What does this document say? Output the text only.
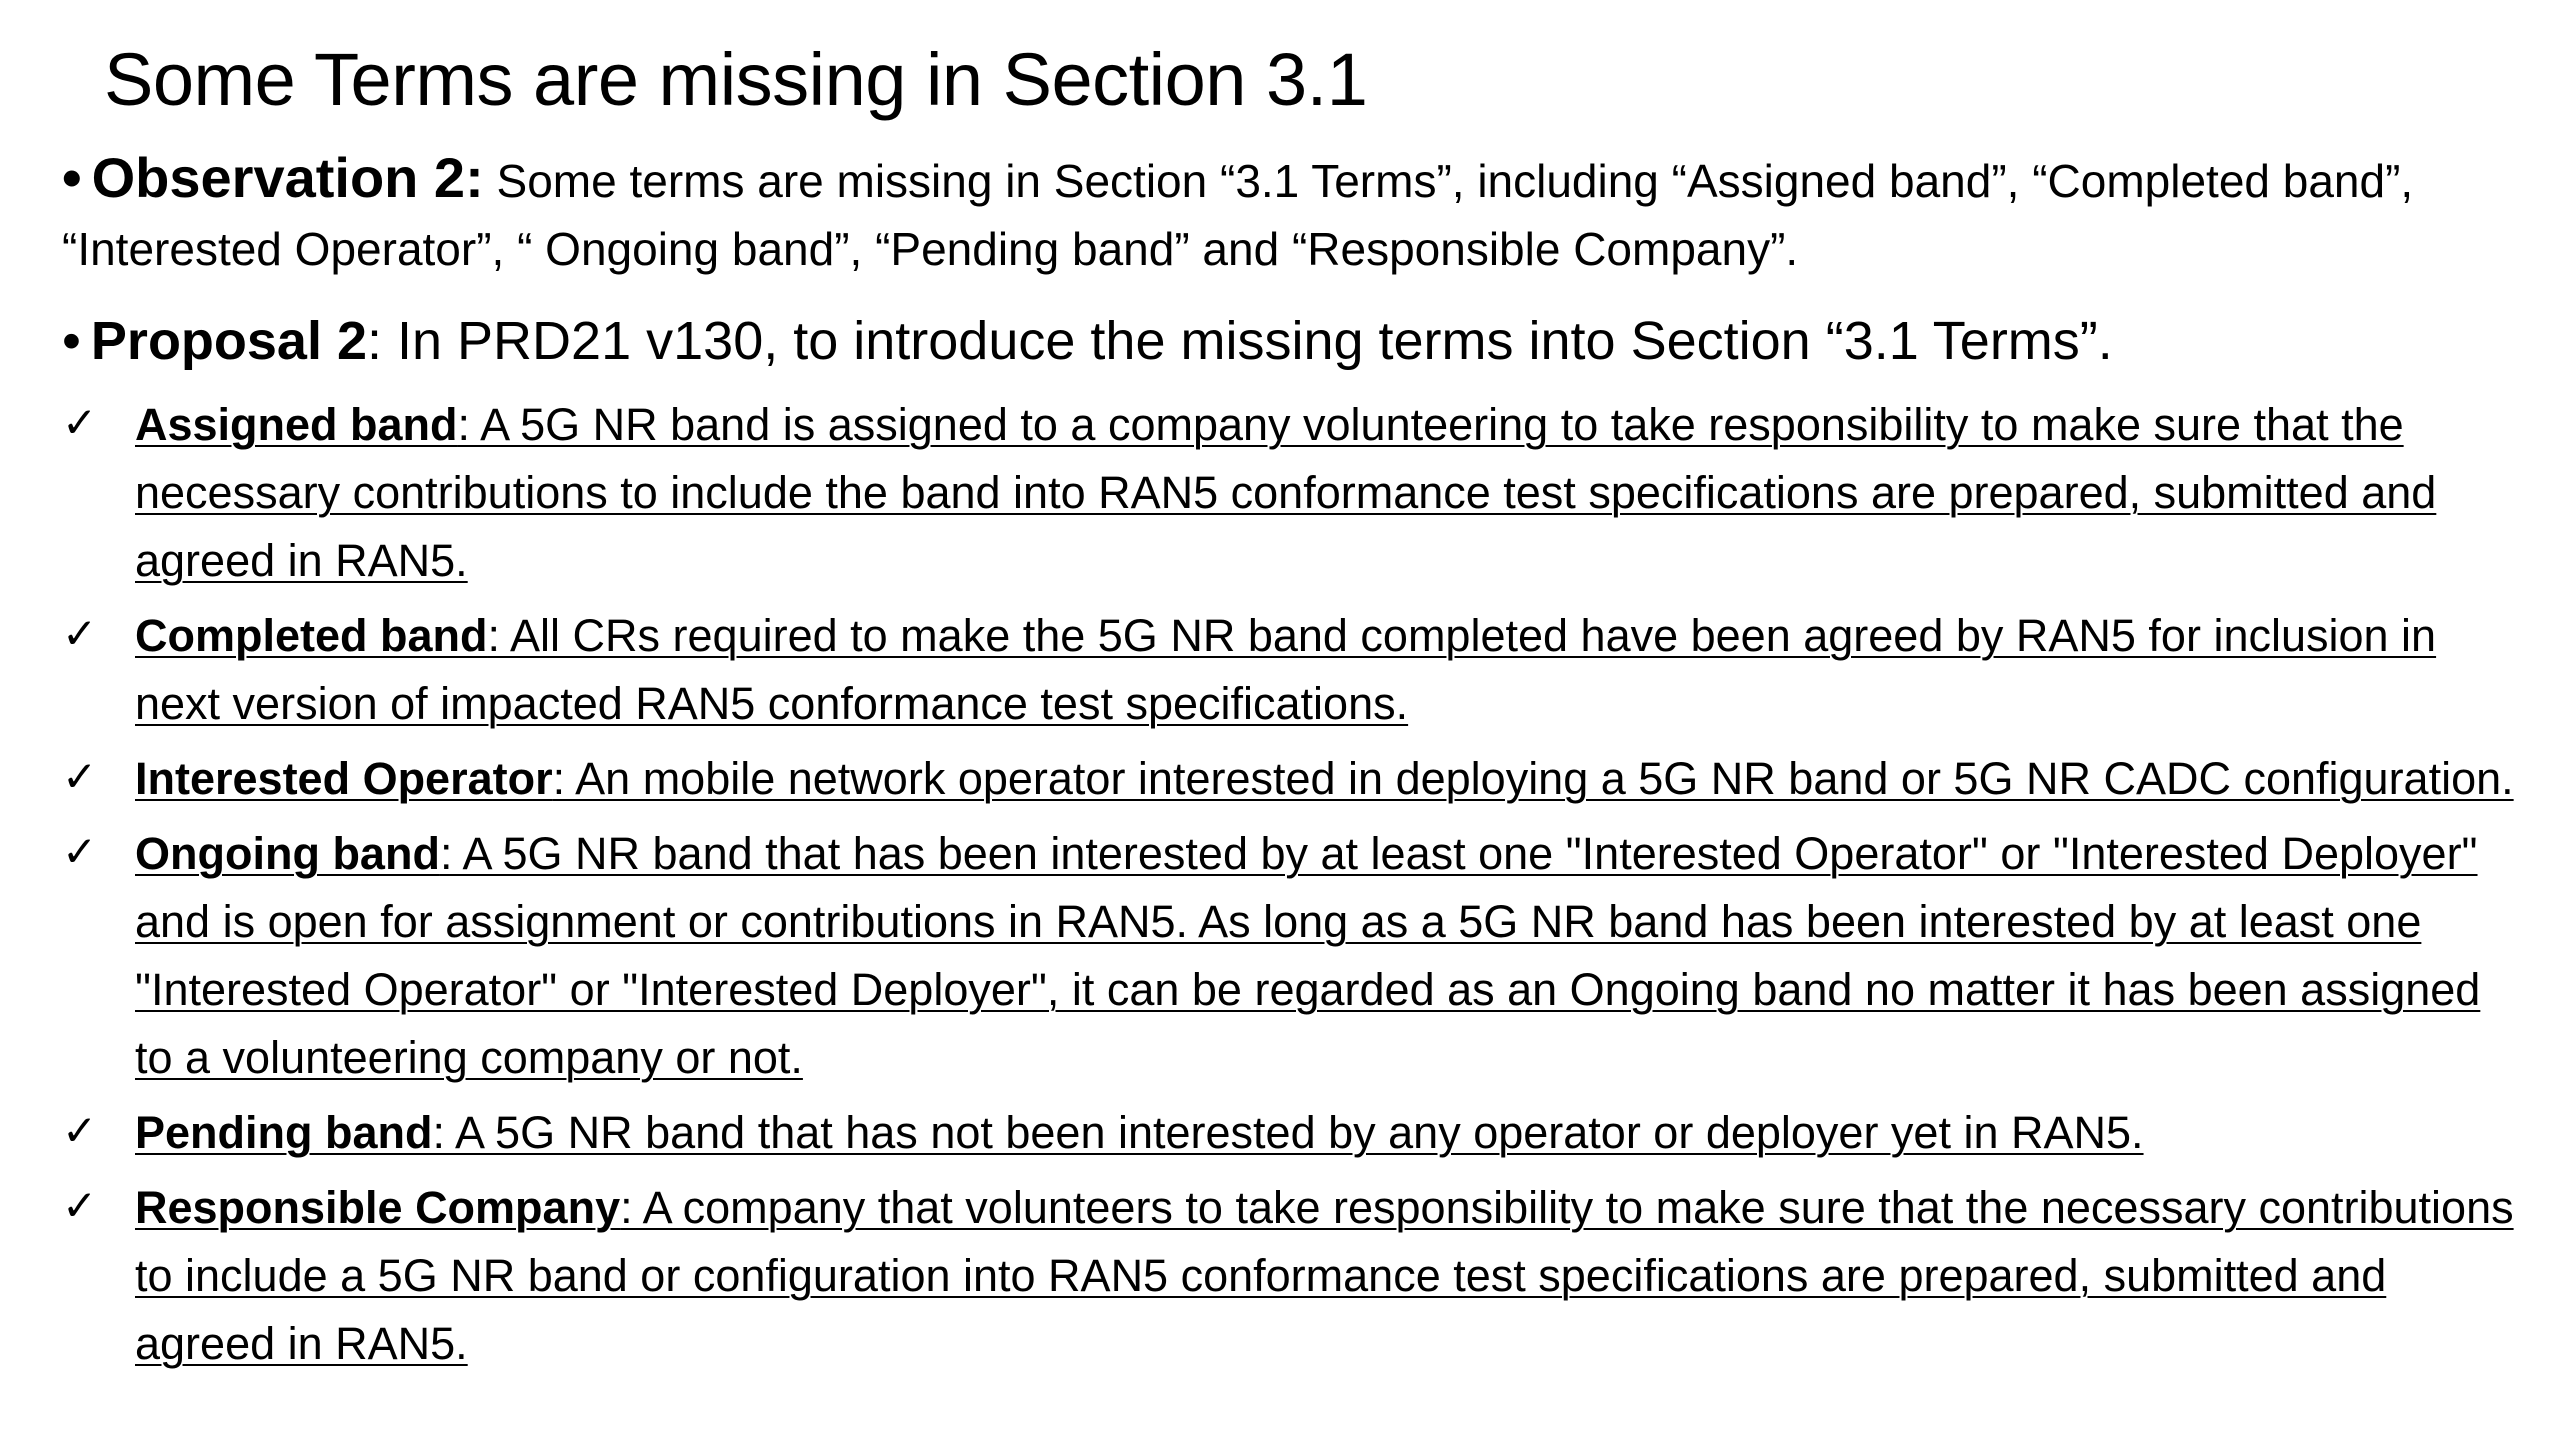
Some Terms are missing in Section 3.1
• Observation 2: Some terms are missing in Section “3.1 Terms”, including “Assigned band”, “Completed band”, “Interested Operator”, “ Ongoing band”, “Pending band” and “Responsible Company”.
• Proposal 2: In PRD21 v130, to introduce the missing terms into Section “3.1 Terms”.
✓ Assigned band: A 5G NR band is assigned to a company volunteering to take responsibility to make sure that the necessary contributions to include the band into RAN5 conformance test specifications are prepared, submitted and agreed in RAN5.
✓ Completed band: All CRs required to make the 5G NR band completed have been agreed by RAN5 for inclusion in next version of impacted RAN5 conformance test specifications.
✓ Interested Operator: An mobile network operator interested in deploying a 5G NR band or 5G NR CADC configuration.
✓ Ongoing band: A 5G NR band that has been interested by at least one "Interested Operator" or "Interested Deployer" and is open for assignment or contributions in RAN5. As long as a 5G NR band has been interested by at least one "Interested Operator" or "Interested Deployer", it can be regarded as an Ongoing band no matter it has been assigned to a volunteering company or not.
✓ Pending band: A 5G NR band that has not been interested by any operator or deployer yet in RAN5.
✓ Responsible Company: A company that volunteers to take responsibility to make sure that the necessary contributions to include a 5G NR band or configuration into RAN5 conformance test specifications are prepared, submitted and agreed in RAN5.
